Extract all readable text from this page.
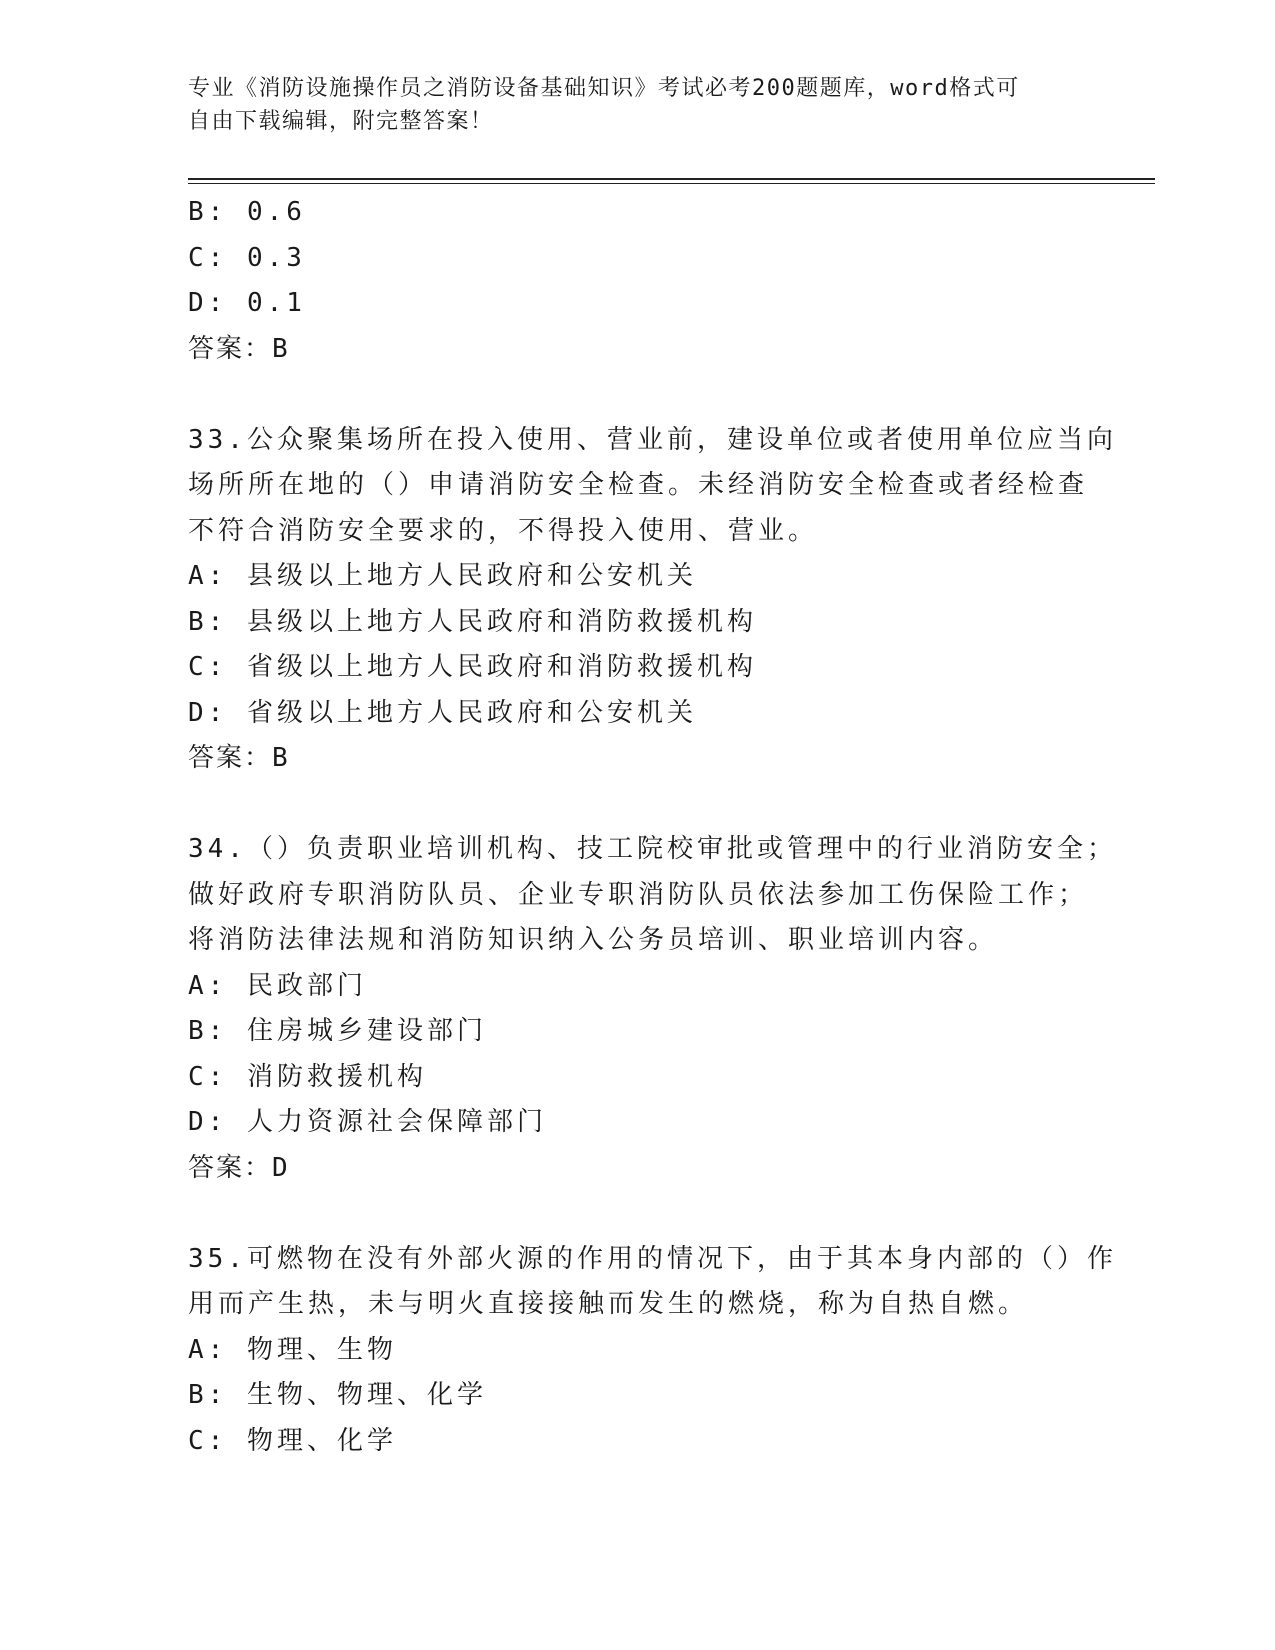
专业《消防设施操作员之消防设备基础知识》考试必考200题题库，word格式可
自由下载编辑，附完整答案！
B: 0.6
C: 0.3
D: 0.1
答案：B
33.公众聚集场所在投入使用、营业前，建设单位或者使用单位应当向
场所所在地的（）申请消防安全检查。未经消防安全检查或者经检查
不符合消防安全要求的，不得投入使用、营业。
A: 县级以上地方人民政府和公安机关
B: 县级以上地方人民政府和消防救援机构
C: 省级以上地方人民政府和消防救援机构
D: 省级以上地方人民政府和公安机关
答案：B
34.（）负责职业培训机构、技工院校审批或管理中的行业消防安全；
做好政府专职消防队员、企业专职消防队员依法参加工伤保险工作；
将消防法律法规和消防知识纳入公务员培训、职业培训内容。
A: 民政部门
B: 住房城乡建设部门
C: 消防救援机构
D: 人力资源社会保障部门
答案：D
35.可燃物在没有外部火源的作用的情况下，由于其本身内部的（）作
用而产生热，未与明火直接接触而发生的燃烧，称为自热自燃。
A: 物理、生物
B: 生物、物理、化学
C: 物理、化学
